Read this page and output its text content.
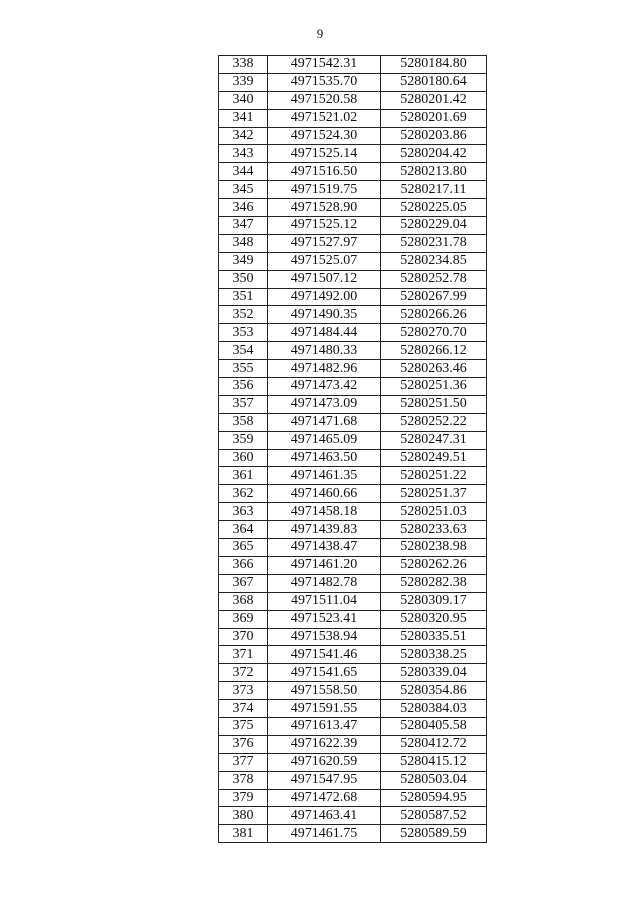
9
338	4971542.31	5280184.80
339	4971535.70	5280180.64
340	4971520.58	5280201.42
341	4971521.02	5280201.69
342	4971524.30	5280203.86
343	4971525.14	5280204.42
344	4971516.50	5280213.80
345	4971519.75	5280217.11
346	4971528.90	5280225.05
347	4971525.12	5280229.04
348	4971527.97	5280231.78
349	4971525.07	5280234.85
350	4971507.12	5280252.78
351	4971492.00	5280267.99
352	4971490.35	5280266.26
353	4971484.44	5280270.70
354	4971480.33	5280266.12
355	4971482.96	5280263.46
356	4971473.42	5280251.36
357	4971473.09	5280251.50
358	4971471.68	5280252.22
359	4971465.09	5280247.31
360	4971463.50	5280249.51
361	4971461.35	5280251.22
362	4971460.66	5280251.37
363	4971458.18	5280251.03
364	4971439.83	5280233.63
365	4971438.47	5280238.98
366	4971461.20	5280262.26
367	4971482.78	5280282.38
368	4971511.04	5280309.17
369	4971523.41	5280320.95
370	4971538.94	5280335.51
371	4971541.46	5280338.25
372	4971541.65	5280339.04
373	4971558.50	5280354.86
374	4971591.55	5280384.03
375	4971613.47	5280405.58
376	4971622.39	5280412.72
377	4971620.59	5280415.12
378	4971547.95	5280503.04
379	4971472.68	5280594.95
380	4971463.41	5280587.52
381	4971461.75	5280589.59
